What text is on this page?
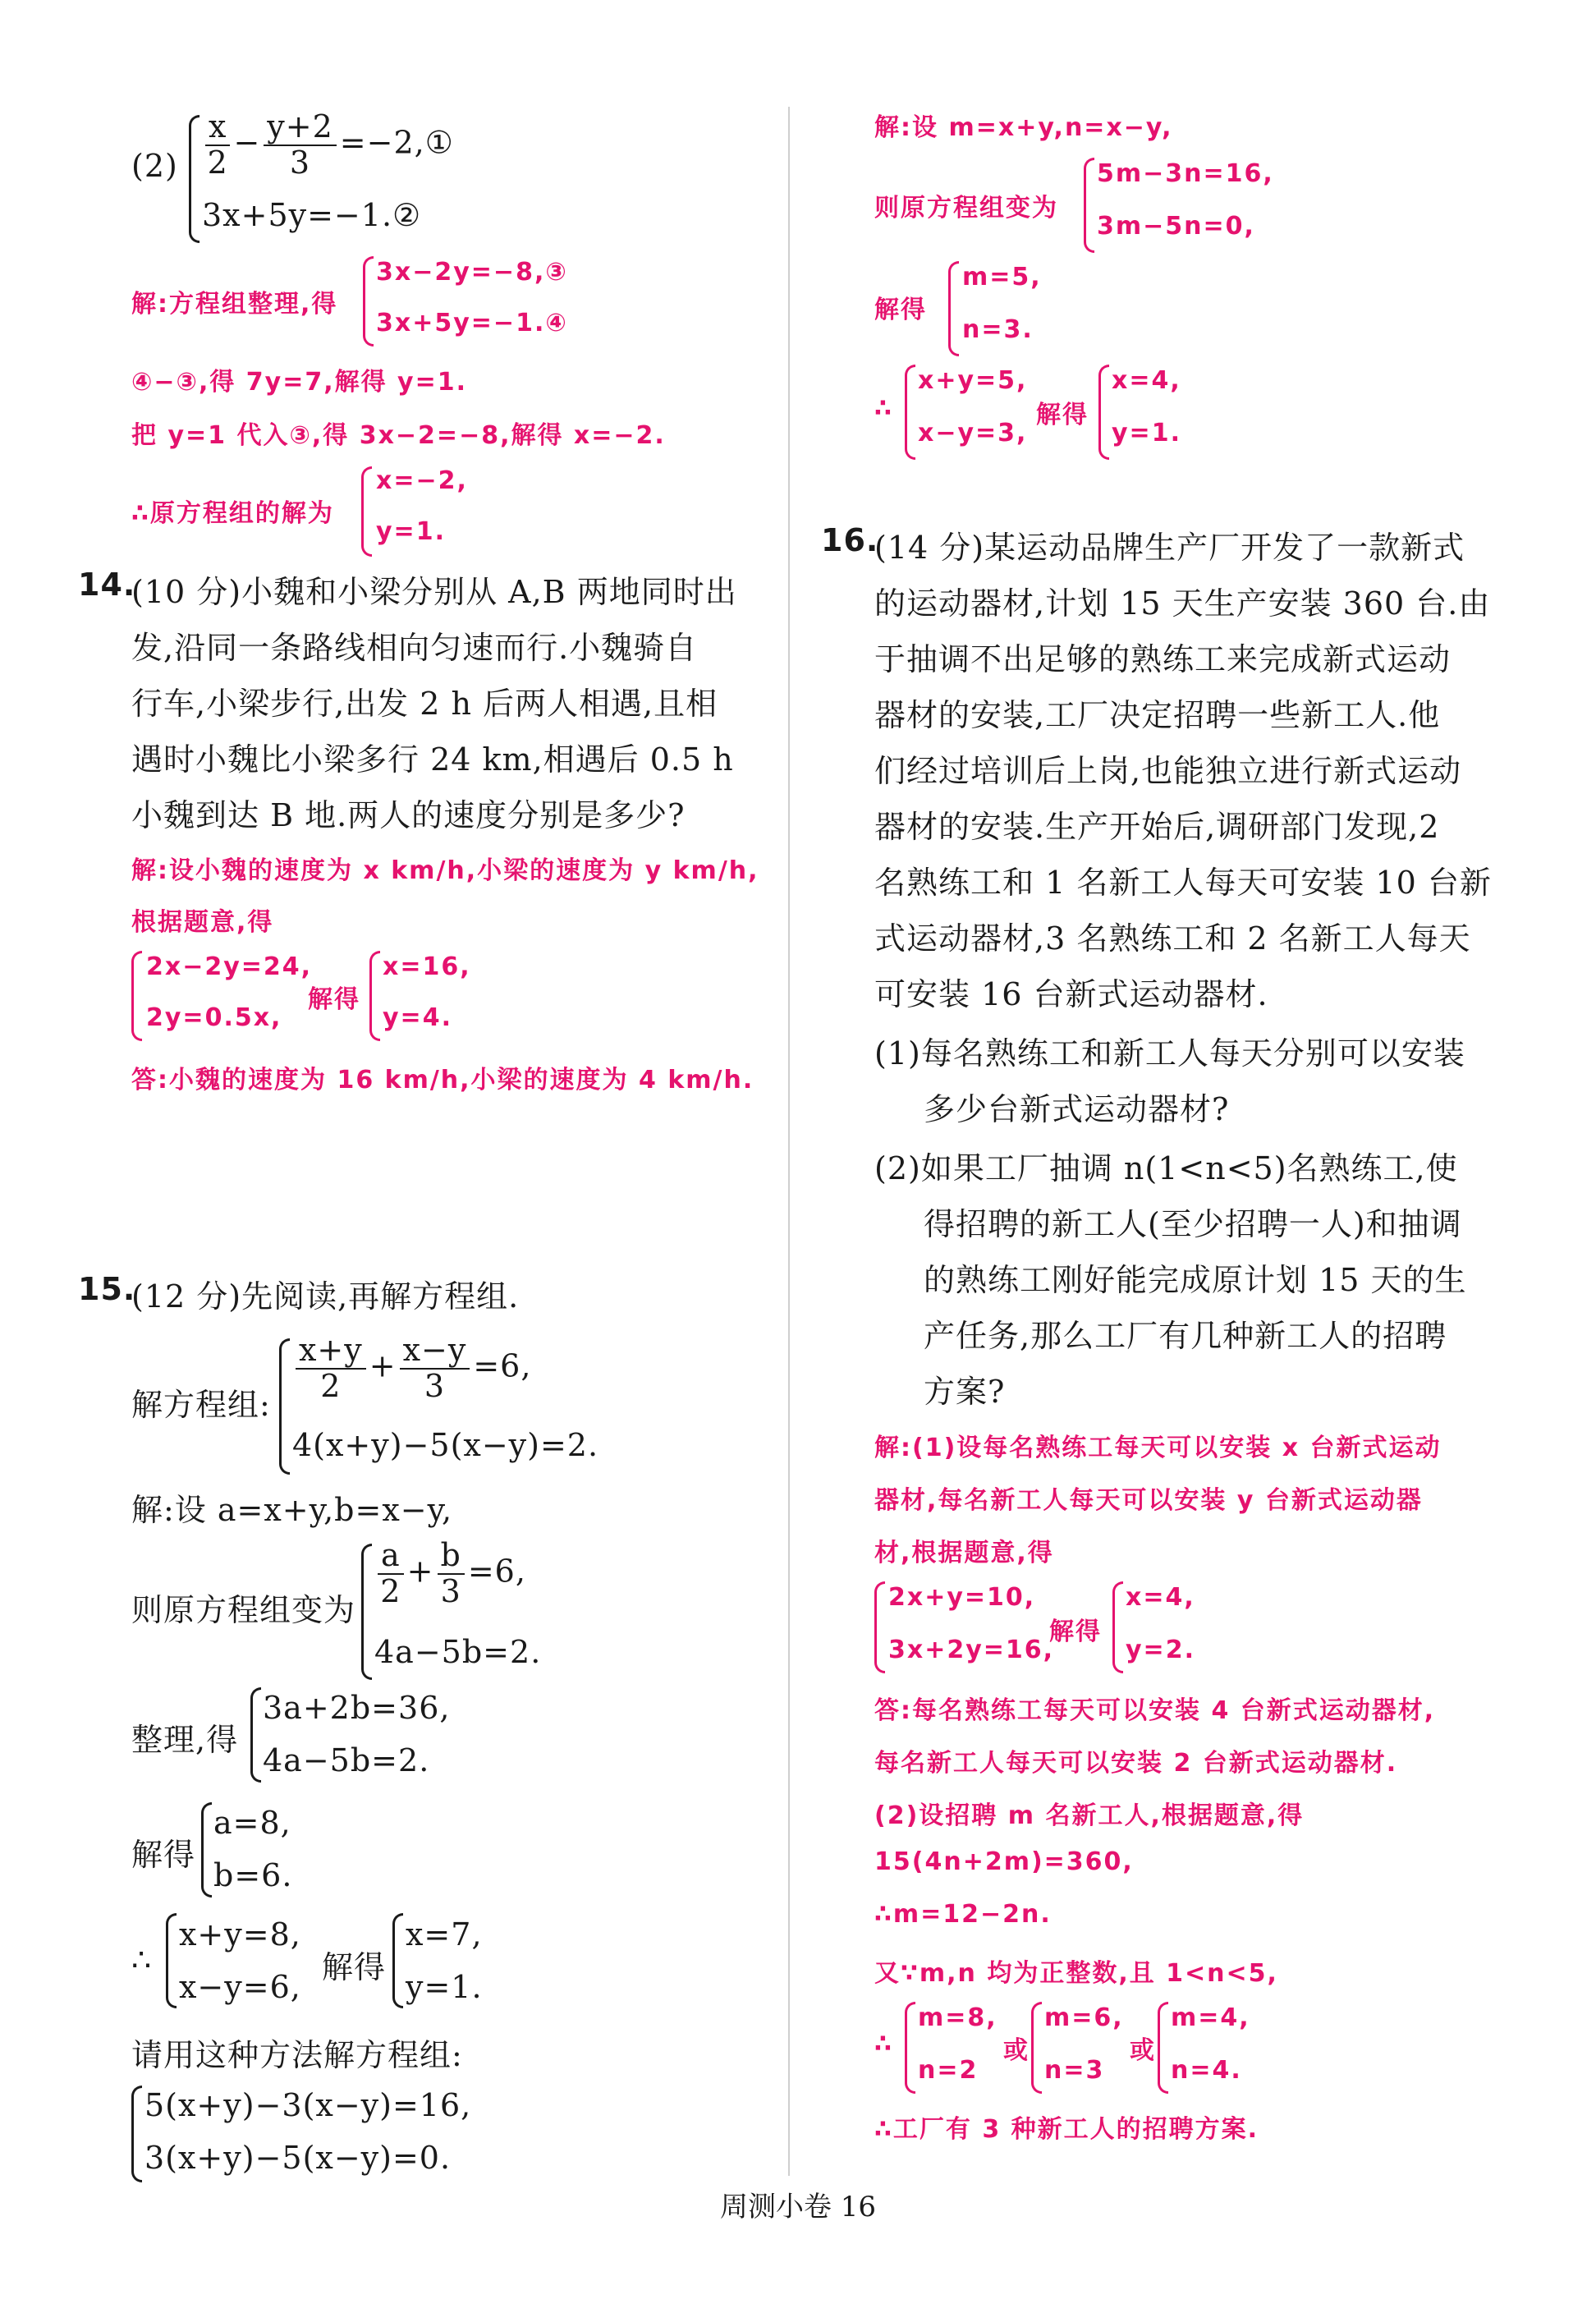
$(2) \frac{x}{2} - \frac{y+2}{3}$ =−2,①
3x+5y=−1.②
解:方程组整理,得
3x−2y=−8,③
3x+5y=−1.④
④−③,得 7y=7,解得 y=1.
把 y=1 代入③,得 3x−2=−8,解得 x=−2.
∴原方程组的解为
x=−2,
y=1.
14.
(10 分)小魏和小梁分别从 A,B 两地同时出
发,沿同一条路线相向匀速而行.小魏骑自
行车,小梁步行,出发 2 h 后两人相遇,且相
遇时小魏比小梁多行 24 km,相遇后 0.5 h
小魏到达 B 地.两人的速度分别是多少?
解:设小魏的速度为 x km/h,小梁的速度为 y km/h,
根据题意,得
2x−2y=24,
2y=0.5x,
解得
x=16,
y=4.
答:小魏的速度为 16 km/h,小梁的速度为 4 km/h.
15.
(12 分)先阅读,再解方程组.
解方程组:
$\frac{x+y}{2} + \frac{x-y}{3} =6$,
4(x+y)−5(x−y)=2.
解:设 a=x+y,b=x−y,
则原方程组变为
$\frac{a}{2} + \frac{b}{3} =6$,
4a−5b=2.
整理,得
3a+2b=36,
4a−5b=2.
解得
a=8,
b=6.
∴
x+y=8,
x−y=6,
解得
x=7,
y=1.
请用这种方法解方程组:
5(x+y)−3(x−y)=16,
3(x+y)−5(x−y)=0.
解:设 m=x+y,n=x−y,
则原方程组变为
5m−3n=16,
3m−5n=0,
解得
m=5,
n=3.
∴
x+y=5,
x−y=3,
解得
x=4,
y=1.
16.
(14 分)某运动品牌生产厂开发了一款新式
的运动器材,计划 15 天生产安装 360 台.由
于抽调不出足够的熟练工来完成新式运动
器材的安装,工厂决定招聘一些新工人.他
们经过培训后上岗,也能独立进行新式运动
器材的安装.生产开始后,调研部门发现,2
名熟练工和 1 名新工人每天可安装 10 台新
式运动器材,3 名熟练工和 2 名新工人每天
可安装 16 台新式运动器材.
(1)每名熟练工和新工人每天分别可以安装
多少台新式运动器材?
(2)如果工厂抽调 n(1<n<5)名熟练工,使
得招聘的新工人(至少招聘一人)和抽调
的熟练工刚好能完成原计划 15 天的生
产任务,那么工厂有几种新工人的招聘
方案?
解:(1)设每名熟练工每天可以安装 x 台新式运动
器材,每名新工人每天可以安装 y 台新式运动器
材,根据题意,得
2x+y=10,
3x+2y=16,
解得
x=4,
y=2.
答:每名熟练工每天可以安装 4 台新式运动器材,
每名新工人每天可以安装 2 台新式运动器材.
(2)设招聘 m 名新工人,根据题意,得
15(4n+2m)=360,
∴m=12−2n.
又∵m,n 均为正整数,且 1<n<5,
∴
m=8,
n=2
或
m=6,
n=3
或
m=4,
n=4.
∴工厂有 3 种新工人的招聘方案.
周测小卷 16
